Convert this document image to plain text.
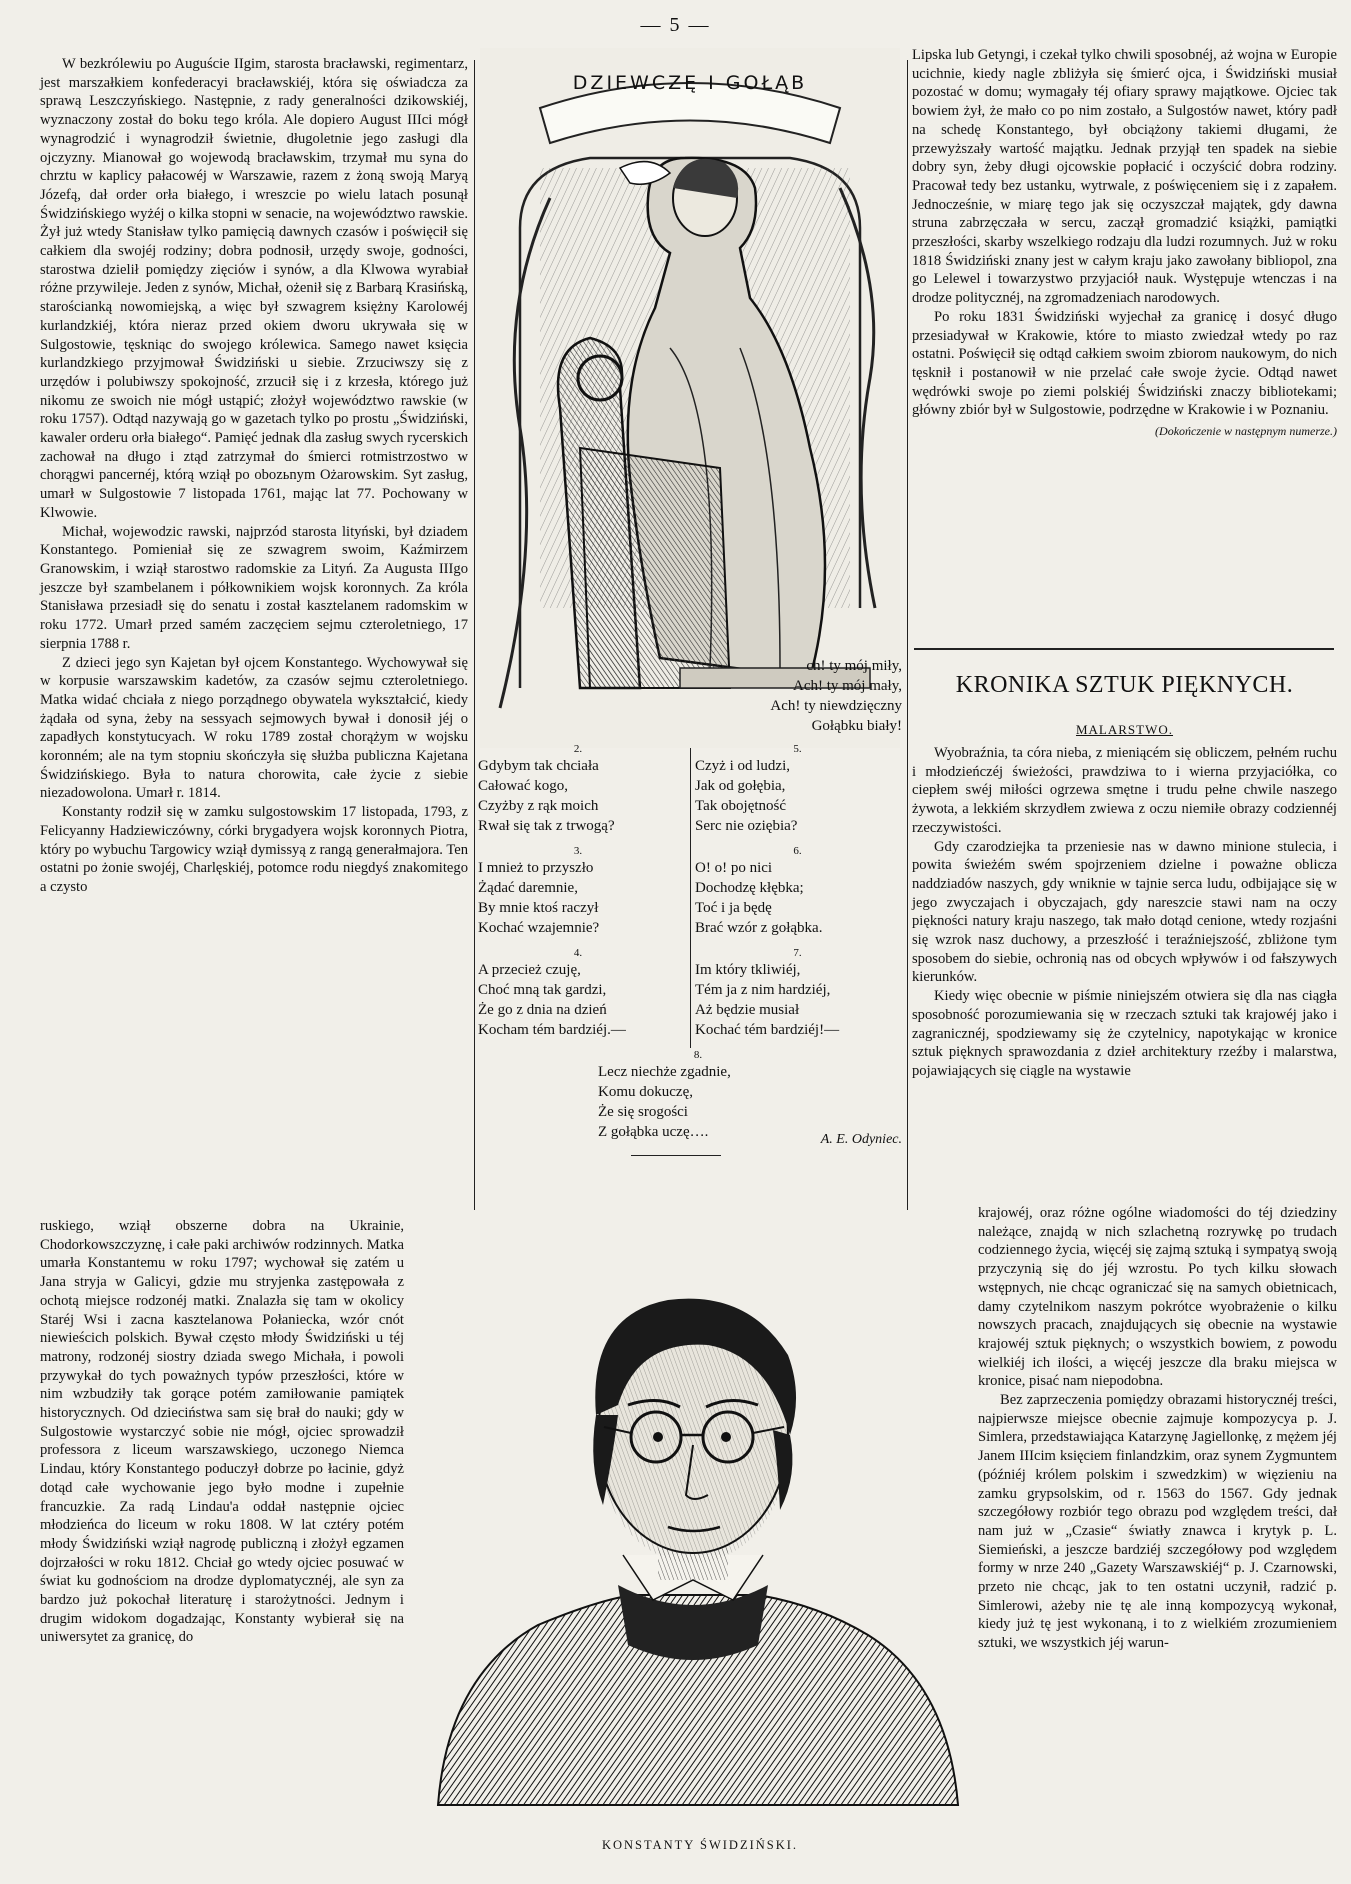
— 5 —

W bezkrólewiu po Auguście IIgim, starosta bracławski, regimentarz, jest marszałkiem konfederacyi bracławskiéj, która się oświadcza za sprawą Leszczyńskiego. Następnie, z rady generalności dzikowskiéj, wyznaczony został do boku tego króla. Ale dopiero August IIIci mógł wynagrodzić i wynagrodził świetnie, długoletnie jego zasługi dla ojczyzny. Mianował go wojewodą bracławskim, trzymał mu syna do chrztu w kaplicy pałacowéj w Warszawie, razem z żoną swoją Maryą Józefą, dał order orła białego, i wreszcie po wielu latach posunął Świdzińskiego wyżéj o kilka stopni w senacie, na województwo rawskie. Żył już wtedy Stanisław tylko pamięcią dawnych czasów i poświęcił się całkiem dla swojéj rodziny; dobra podnosił, urzędy swoje, godności, starostwa dzielił pomiędzy zięciów i synów, a dla Klwowa wyrabiał różne przywileje. Jeden z synów, Michał, ożenił się z Barbarą Krasińską, starościanką nowomiejską, a więc był szwagrem księżny Karolowéj kurlandzkiéj, która nieraz przed okiem dworu ukrywała się w Sulgostowie, tęskniąc do swojego królewica. Samego nawet księcia kurlandzkiego przyjmował Świdziński u siebie. Zrzuciwszy się z urzędów i polubiwszy spokojność, zrzucił się i z krzesła, którego już nikomu ze swoich nie mógł ustąpić; złożył województwo rawskie (w roku 1757). Odtąd nazywają go w gazetach tylko po prostu „Świdziński, kawaler orderu orła białego“. Pamięć jednak dla zasług swych rycerskich zachował na długo i ztąd zatrzymał do śmierci rotmistrzostwo w chorągwi pancernéj, którą wziął po obozьnym Ożarowskim. Syt zasług, umarł w Sulgostowie 7 listopada 1761, mając lat 77. Pochowany w Klwowie.

Michał, wojewodzic rawski, najprzód starosta lityński, był dziadem Konstantego. Pomieniał się ze szwagrem swoim, Kaźmirzem Granowskim, i wziął starostwo radomskie za Lityń. Za Augusta IIIgo jeszcze był szambelanem i półkownikiem wojsk koronnych. Za króla Stanisława przesiadł się do senatu i został kasztelanem radomskim w roku 1772. Umarł przed samém zaczęciem sejmu czteroletniego, 17 sierpnia 1788 r.

Z dzieci jego syn Kajetan był ojcem Konstantego. Wychowywał się w korpusie warszawskim kadetów, za czasów sejmu czteroletniego. Matka widać chciała z niego porządnego obywatela wykształcić, kiedy żądała od syna, żeby na sessyach sejmowych bywał i donosił jéj o zapadłych konstytucyach. W roku 1789 został chorążym w wojsku koronném; ale na tym stopniu skończyła się służba publiczna Kajetana Świdzińskiego. Była to natura chorowita, całe życie z siebie niezadowolona. Umarł r. 1814.

Konstanty rodził się w zamku sulgostowskim 17 listopada, 1793, z Felicyanny Hadziewiczówny, córki brygadyera wojsk koronnych Piotra, który po wybuchu Targowicy wziął dymissyą z rangą generałmajora. Ten ostatni po żonie swojéj, Charlęskiéj, potomce rodu niegdyś znakomitego a czysto

ruskiego, wziął obszerne dobra na Ukrainie, Chodorkowszczyznę, i całe paki archiwów rodzinnych. Matka umarła Konstantemu w roku 1797; wychował się zatém u Jana stryja w Galicyi, gdzie mu stryjenka zastępowała z ochotą miejsce rodzonéj matki. Znalazła się tam w okolicy Staréj Wsi i zacna kasztelanowa Połaniecka, wzór cnót niewieścich polskich. Bywał często młody Świdziński u téj matrony, rodzonéj siostry dziada swego Michała, i powoli przywykał do tych poważnych typów przeszłości, które w nim wzbudziły tak gorące potém zamiłowanie pamiątek historycznych. Od dzieciństwa sam się brał do nauki; gdy w Sulgostowie wystarczyć sobie nie mógł, ojciec sprowadził professora z liceum warszawskiego, uczonego Niemca Lindau, który Konstantego poduczył dobrze po łacinie, gdyż dotąd całe wychowanie jego było modne i zupełnie francuzkie. Za radą Lindau'a oddał następnie ojciec młodzieńca do liceum w roku 1808. W lat cztéry potém młody Świdziński wziął nagrodę publiczną i złożył egzamen dojrzałości w roku 1812. Chciał go wtedy ojciec posuwać w świat ku godnościom na drodze dyplomatycznéj, ale syn za bardzo już pokochał literaturę i starożytności. Jednym i drugim widokom dogadzając, Konstanty wybierał się na uniwersytet za granicę, do

DZIEWCZĘ I GOŁĄB
ch! ty mój miły,
Ach! ty mój mały,
Ach! ty niewdzięczny
Gołąbku biały!
2.
Gdybym tak chciała
Całować kogo,
Czyżby z rąk moich
Rwał się tak z trwogą?
3.
I mnież to przyszło
Żądać daremnie,
By mnie ktoś raczył
Kochać wzajemnie?
4.
A przecież czuję,
Choć mną tak gardzi,
Że go z dnia na dzień
Kocham tém bardziéj.—
5.
Czyż i od ludzi,
Jak od gołębia,
Tak obojętność
Serc nie oziębia?
6.
O! o! po nici
Dochodzę kłębka;
Toć i ja będę
Brać wzór z gołąbka.
7.
Im który tkliwiéj,
Tém ja z nim hardziéj,
Aż będzie musiał
Kochać tém bardziéj!—
8.
Lecz niechże zgadnie,
Komu dokuczę,
Że się srogości
Z gołąbka uczę….	A. E. Odyniec.

Lipska lub Getyngi, i czekał tylko chwili sposobnéj, aż wojna w Europie ucichnie, kiedy nagle zbliżyła się śmierć ojca, i Świdziński musiał pozostać w domu; wymagały téj ofiary sprawy majątkowe. Ojciec tak bowiem żył, że mało co po nim zostało, a Sulgostów nawet, który padł na schedę Konstantego, był obciążony takiemi długami, że przewyższały wartość majątku. Jednak przyjął ten spadek na siebie dobry syn, żeby długi ojcowskie popłacić i oczyścić dobra rodziny. Pracował tedy bez ustanku, wytrwale, z poświęceniem się i z zapałem. Jednocześnie, w miarę tego jak się oczyszczał majątek, gdy dawna struna zabrzęczała w sercu, zaczął gromadzić książki, pamiątki przeszłości, skarby wszelkiego rodzaju dla ludzi rozumnych. Już w roku 1818 Świdziński znany jest w całym kraju jako zawołany bibliopol, zna go Lelewel i towarzystwo przyjaciół nauk. Występuje wtenczas i na drodze politycznéj, na zgromadzeniach narodowych.

Po roku 1831 Świdziński wyjechał za granicę i dosyć długo przesiadywał w Krakowie, które to miasto zwiedzał wtedy po raz ostatni. Poświęcił się odtąd całkiem swoim zbiorom naukowym, do nich tęsknił i postanowił w nie przelać całe swoje życie. Odtąd nawet wędrówki swoje po ziemi polskiéj Świdziński znaczy bibliotekami; główny zbiór był w Sulgostowie, podrzędne w Krakowie i w Poznaniu.

(Dokończenie w następnym numerze.)
KRONIKA SZTUK PIĘKNYCH.
MALARSTWO.

Wyobraźnia, ta córa nieba, z mieniącém się obliczem, pełném ruchu i młodzieńczéj świeżości, prawdziwa to i wierna przyjaciółka, co ciepłem swéj miłości ogrzewa smętne i trudu pełne chwile naszego żywota, a lekkiém skrzydłem zwiewa z oczu niemiłe obrazy codziennéj rzeczywistości.

Gdy czarodziejka ta przeniesie nas w dawno minione stulecia, i powita świeżém swém spojrzeniem dzielne i poważne oblicza naddziadów naszych, gdy wniknie w tajnie serca ludu, odbijające się w jego zwyczajach i obyczajach, gdy nareszcie stawi nam na oczy piękności natury kraju naszego, tak mało dotąd cenione, wtedy rozjaśni się wzrok nasz duchowy, a przeszłość i teraźniejszość, zbliżone tym sposobem do siebie, ochronią nas od obcych wpływów i od fałszywych kierunków.

Kiedy więc obecnie w piśmie niniejszém otwiera się dla nas ciągła sposobność porozumiewania się w rzeczach sztuki tak krajowéj jako i zagranicznéj, spodziewamy się że czytelnicy, napotykając w kronice sztuk pięknych sprawozdania z dzieł architektury rzeźby i malarstwa, pojawiających się ciągle na wystawie

krajowéj, oraz różne ogólne wiadomości do téj dziedziny należące, znajdą w nich szlachetną rozrywkę po trudach codziennego życia, więcéj się zajmą sztuką i sympatyą swoją przyczynią się do jéj wzrostu. Po tych kilku słowach wstępnych, nie chcąc ograniczać się na samych obietnicach, damy czytelnikom naszym pokrótce wyobrażenie o kilku nowszych pracach, znajdujących się obecnie na wystawie krajowéj sztuk pięknych; o wszystkich bowiem, z powodu wielkiéj ich ilości, a więcéj jeszcze dla braku miejsca w kronice, pisać nam niepodobna.

Bez zaprzeczenia pomiędzy obrazami historycznéj treści, najpierwsze miejsce obecnie zajmuje kompozycya p. J. Simlera, przedstawiająca Katarzynę Jagiellonkę, z mężem jéj Janem IIIcim księciem finlandzkim, oraz synem Zygmuntem (późniéj królem polskim i szwedzkim) w więzieniu na zamku grypsolskim, od r. 1563 do 1567. Gdy jednak szczegółowy rozbiór tego obrazu pod względem treści, dał nam już w „Czasie“ światły znawca i krytyk p. L. Siemieński, a jeszcze bardziéj szczegółowy pod względem formy w nrze 240 „Gazety Warszawskiéj“ p. J. Czarnowski, przeto nie chcąc, jak to ten ostatni uczynił, radzić p. Simlerowi, ażeby nie tę ale inną kompozycyą wykonał, kiedy już tę jest wykonaną, i to z wielkiém zrozumieniem sztuki, we wszystkich jéj warun-

KONSTANTY ŚWIDZIŃSKI.
